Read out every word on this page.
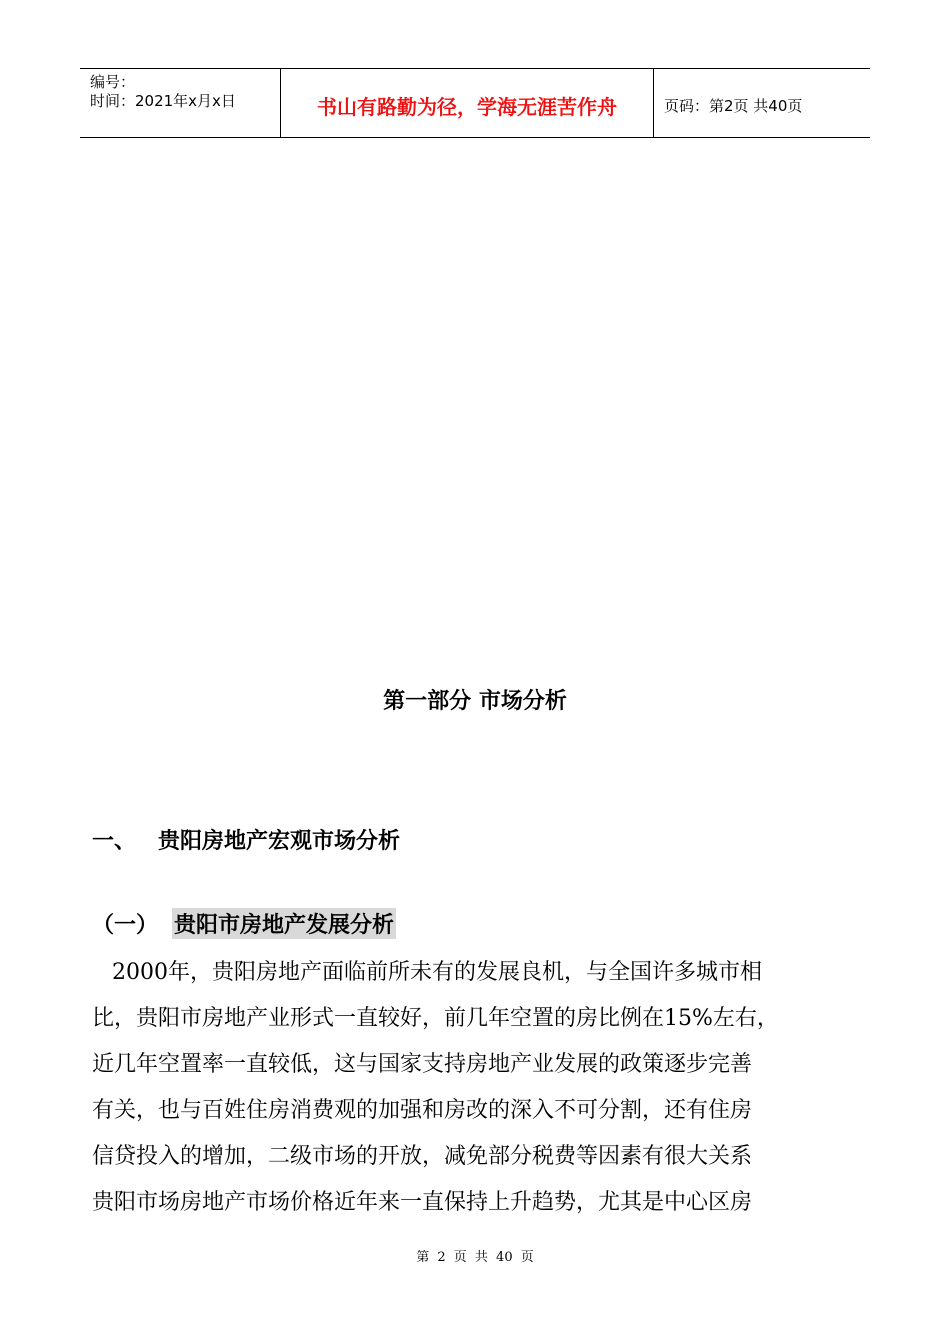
编号：
时间：2021年x月x日	书山有路勤为径，学海无涯苦作舟	页码：第2页 共40页
第一部分 市场分析
一、 贵阳房地产宏观市场分析
（一） 贵阳市房地产发展分析
2000年，贵阳房地产面临前所未有的发展良机，与全国许多城市相
比，贵阳市房地产业形式一直较好，前几年空置的房比例在15%左右，
近几年空置率一直较低，这与国家支持房地产业发展的政策逐步完善
有关，也与百姓住房消费观的加强和房改的深入不可分割，还有住房
信贷投入的增加，二级市场的开放，减免部分税费等因素有很大关系
贵阳市场房地产市场价格近年来一直保持上升趋势，尤其是中心区房
第 2 页 共 40 页
